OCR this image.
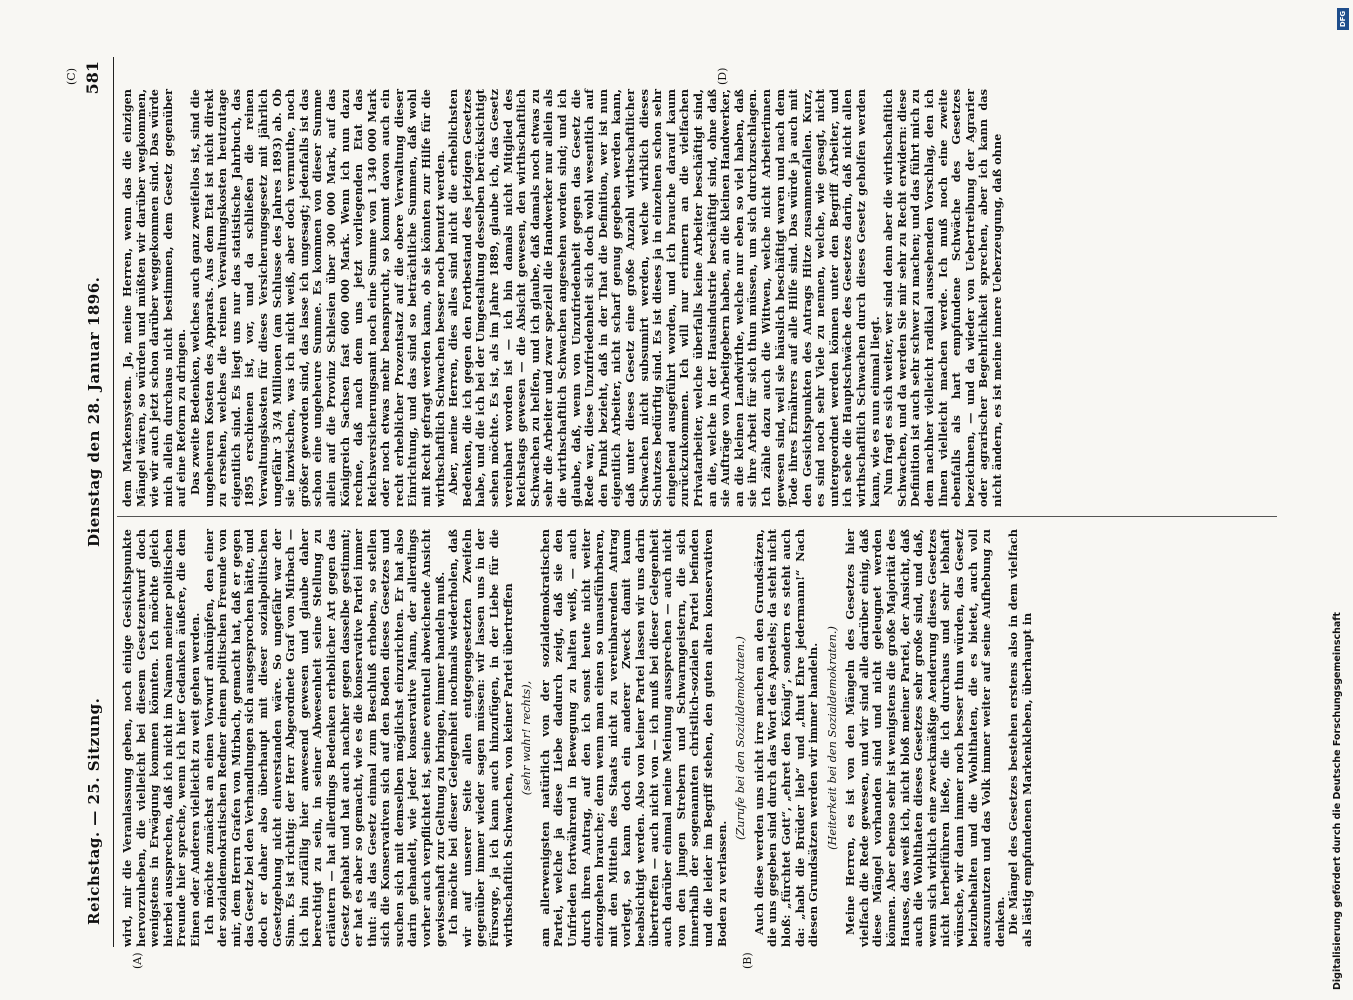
Reichstag. — 25. Sitzung.
Dienstag den 28. Januar 1896.
581
(A)	(B)
(C)	(D)

wird, mir die Veranlassung geben, noch einige Gesichtspunkte hervorzuheben, die vielleicht bei diesem Gesetzentwurf doch wenigstens in Erwägung kommen könnten. Ich möchte gleich hierbei aussprechen, daß ich nicht im Namen meiner politischen Freunde hier spreche, wenn ich hier Gedanken äußere, die dem Einen oder Anderen vielleicht zu weit gehen werden. Ich möchte zunächst an einen Vorwurf anknüpfen, den einer der sozialdemokratischen Redner einem politischen Freunde von mir, dem Herrn Grafen von Mirbach, gemacht hat, daß er gegen das Gesetz bei den Verhandlungen sich ausgesprochen hätte, und doch er daher also überhaupt mit dieser sozialpolitischen Gesetzgebung nicht einverstanden wäre. So ungefähr war der Sinn. Es ist richtig: der Herr Abgeordnete Graf von Mirbach — ich bin zufällig hier anwesend gewesen und glaube daher berechtigt zu sein, in seiner Abwesenheit seine Stellung zu erläutern — hat allerdings Bedenken erheblicher Art gegen das Gesetz gehabt und hat auch nachher gegen dasselbe gestimmt; er hat es aber so gemacht, wie es die konservative Partei immer thut: als das Gesetz einmal zum Beschluß erhoben, so stellen sich die Konservativen sich auf den Boden dieses Gesetzes und suchen sich mit demselben möglichst einzurichten. Er hat also darin gehandelt, wie jeder konservative Mann, der allerdings vorher auch verpflichtet ist, seine eventuell abweichende Ansicht gewissenhaft zur Geltung zu bringen, immer handeln muß. Ich möchte bei dieser Gelegenheit nochmals wiederholen, daß wir auf unserer Seite allen entgegengesetzten Zweifeln gegenüber immer wieder sagen müssen: wir lassen uns in der Fürsorge, ja ich kann auch hinzufügen, in der Liebe für die wirthschaftlich Schwachen, von keiner Partei übertreffen (sehr wahr! rechts), am allerwenigsten natürlich von der sozialdemokratischen Partei, welche ja diese Liebe dadurch zeigt, daß sie den Unfrieden fortwährend in Bewegung zu halten weiß, — auch durch ihren Antrag, auf den ich sonst heute nicht weiter einzugehen brauche; denn wenn man einen so unausführbaren, mit den Mitteln des Staats nicht zu vereinbarenden Antrag vorlegt, so kann doch ein anderer Zweck damit kaum beabsichtigt werden. Also von keiner Partei lassen wir uns darin übertreffen — auch nicht von — ich muß bei dieser Gelegenheit auch darüber einmal meine Meinung aussprechen — auch nicht von den jungen Strebern und Schwarmgeistern, die sich innerhalb der sogenannten christlich-sozialen Partei befinden und die leider im Begriff stehen, den guten alten konservativen Boden zu verlassen.

(Zurufe bei den Sozialdemokraten.) Auch diese werden uns nicht irre machen an den Grundsätzen, die uns gegeben sind durch das Wort des Apostels; da steht nicht bloß: „fürchtet Gott“, „ehret den König“, sondern es steht auch da: „habt die Brüder lieb“ und „thut Ehre jedermann!“ Nach diesen Grundsätzen werden wir immer handeln. (Heiterkeit bei den Sozialdemokraten.) Meine Herren, es ist von den Mängeln des Gesetzes hier vielfach die Rede gewesen, und wir sind alle darüber einig, daß diese Mängel vorhanden sind und nicht geleugnet werden können. Aber ebenso sehr ist wenigstens die große Majorität des Hauses, das weiß ich, nicht bloß meiner Partei, der Ansicht, daß auch die Wohlthaten dieses Gesetzes sehr große sind, und daß, wenn sich wirklich eine zweckmäßige Aenderung dieses Gesetzes nicht herbeiführen ließe, die ich durchaus und sehr lebhaft wünsche, wir dann immer noch besser thun würden, das Gesetz beizubehalten und die Wohlthaten, die es bietet, auch voll auszunutzen und das Volk immer weiter auf seine Aufhebung zu denken. Die Mängel des Gesetzes bestehen erstens also in dem vielfach als lästig empfundenen Markenkleben, überhaupt in

dem Markensystem. Ja, meine Herren, wenn das die einzigen Mängel wären, so würden und müßten wir darüber wegkommen, wie wir auch jetzt schon darüber weggekommen sind. Das würde mich allein durchaus nicht bestimmen, dem Gesetz gegenüber auf eine Reform zu dringen. Das zweite Bedenken, welches auch ganz zweifellos ist, sind die ungeheuren Kosten des Apparats. Aus dem Etat ist nicht direkt zu ersehen, welches die reinen Verwaltungskosten heutzutage eigentlich sind. Es liegt uns nur das statistische Jahrbuch, das 1895 erschienen ist, vor, und da schließen die reinen Verwaltungskosten für dieses Versicherungsgesetz mit jährlich ungefähr 3 3/4 Millionen (am Schlusse des Jahres 1893) ab. Ob sie inzwischen, was ich nicht weiß, aber doch vermuthe, noch größer geworden sind, das lasse ich ungesagt; jedenfalls ist das schon eine ungeheure Summe. Es kommen von dieser Summe allein auf die Provinz Schlesien über 300 000 Mark, auf das Königreich Sachsen fast 600 000 Mark. Wenn ich nun dazu rechne, daß nach dem uns jetzt vorliegenden Etat das Reichsversicherungsamt noch eine Summe von 1 340 000 Mark oder noch etwas mehr beansprucht, so kommt davon auch ein recht erheblicher Prozentsatz auf die obere Verwaltung dieser Einrichtung, und das sind so beträchtliche Summen, daß wohl mit Recht gefragt werden kann, ob sie könnten zur Hilfe für die wirthschaftlich Schwachen besser noch benutzt werden. Aber, meine Herren, dies alles sind nicht die erheblichsten Bedenken, die ich gegen den Fortbestand des jetzigen Gesetzes habe, und die ich bei der Umgestaltung desselben berücksichtigt sehen möchte. Es ist, als im Jahre 1889, glaube ich, das Gesetz vereinbart worden ist — ich bin damals nicht Mitglied des Reichstags gewesen — die Absicht gewesen, den wirthschaftlich Schwachen zu helfen, und ich glaube, daß damals noch etwas zu sehr die Arbeiter und zwar speziell die Handwerker nur allein als die wirthschaftlich Schwachen angesehen worden sind; und ich glaube, daß, wenn von Unzufriedenheit gegen das Gesetz die Rede war, diese Unzufriedenheit sich doch wohl wesentlich auf den Punkt bezieht, daß in der That die Definition, wer ist nun eigentlich Arbeiter, nicht scharf genug gegeben werden kann, daß unter dieses Gesetz eine große Anzahl wirthschaftlicher Schwachen nicht subsumirt werden, welche wirklich dieses Schutzes bedürftig sind. Es ist dieses ja in einzelnen schon sehr eingehend ausgeführt worden, und ich brauche darauf kaum zurückzukommen. Ich will nur erinnern an die vielfachen Privatarbeiter, welche überfalls keine Arbeiter beschäftigt sind, an die, welche in der Hausindustrie beschäftigt sind, ohne daß sie Aufträge von Arbeitgebern haben, an die kleinen Handwerker, an die kleinen Landwirthe, welche nur eben so viel haben, daß sie ihre Arbeit für sich thun müssen, um sich durchzuschlagen. Ich zähle dazu auch die Wittwen, welche nicht Arbeiterinnen gewesen sind, weil sie häuslich beschäftigt waren und nach dem Tode ihres Ernährers auf alle Hilfe sind. Das würde ja auch mit den Gesichtspunkten des Antrags Hitze zusammenfallen. Kurz, es sind noch sehr Viele zu nennen, welche, wie gesagt, nicht untergeordnet werden können unter den Begriff Arbeiter, und ich sehe die Hauptschwäche des Gesetzes darin, daß nicht allen wirthschaftlich Schwachen durch dieses Gesetz geholfen werden kann, wie es nun einmal liegt. Nun fragt es sich weiter, wer sind denn aber die wirthschaftlich Schwachen, und da werden Sie mir sehr zu Recht erwidern: diese Definition ist auch sehr schwer zu machen; und das führt mich zu dem nachher vielleicht radikal aussehenden Vorschlag, den ich Ihnen vielleicht machen werde. Ich muß noch eine zweite ebenfalls als hart empfundene Schwäche des Gesetzes bezeichnen, — und da wieder von Uebertreibung der Agrarier oder agrarischer Begehrlichkeit sprechen, aber ich kann das nicht ändern, es ist meine innere Ueberzeugung, daß ohne

Digitalisierung gefördert durch die Deutsche Forschungsgemeinschaft
DFG
